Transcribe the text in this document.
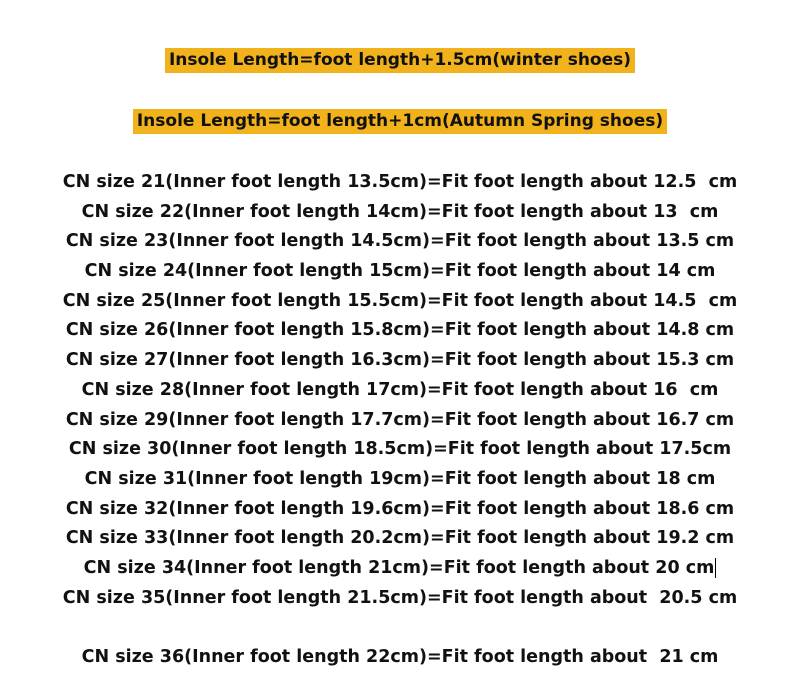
Insole Length=foot length+1.5cm(winter shoes)
Insole Length=foot length+1cm(Autumn Spring shoes)
CN size 21(Inner foot length 13.5cm)=Fit foot length about 12.5  cm
CN size 22(Inner foot length 14cm)=Fit foot length about 13  cm
CN size 23(Inner foot length 14.5cm)=Fit foot length about 13.5 cm
CN size 24(Inner foot length 15cm)=Fit foot length about 14 cm
CN size 25(Inner foot length 15.5cm)=Fit foot length about 14.5  cm
CN size 26(Inner foot length 15.8cm)=Fit foot length about 14.8 cm
CN size 27(Inner foot length 16.3cm)=Fit foot length about 15.3 cm
CN size 28(Inner foot length 17cm)=Fit foot length about 16  cm
CN size 29(Inner foot length 17.7cm)=Fit foot length about 16.7 cm
CN size 30(Inner foot length 18.5cm)=Fit foot length about 17.5cm
CN size 31(Inner foot length 19cm)=Fit foot length about 18 cm
CN size 32(Inner foot length 19.6cm)=Fit foot length about 18.6 cm
CN size 33(Inner foot length 20.2cm)=Fit foot length about 19.2 cm
CN size 34(Inner foot length 21cm)=Fit foot length about 20 cm
CN size 35(Inner foot length 21.5cm)=Fit foot length about  20.5 cm
CN size 36(Inner foot length 22cm)=Fit foot length about  21 cm
